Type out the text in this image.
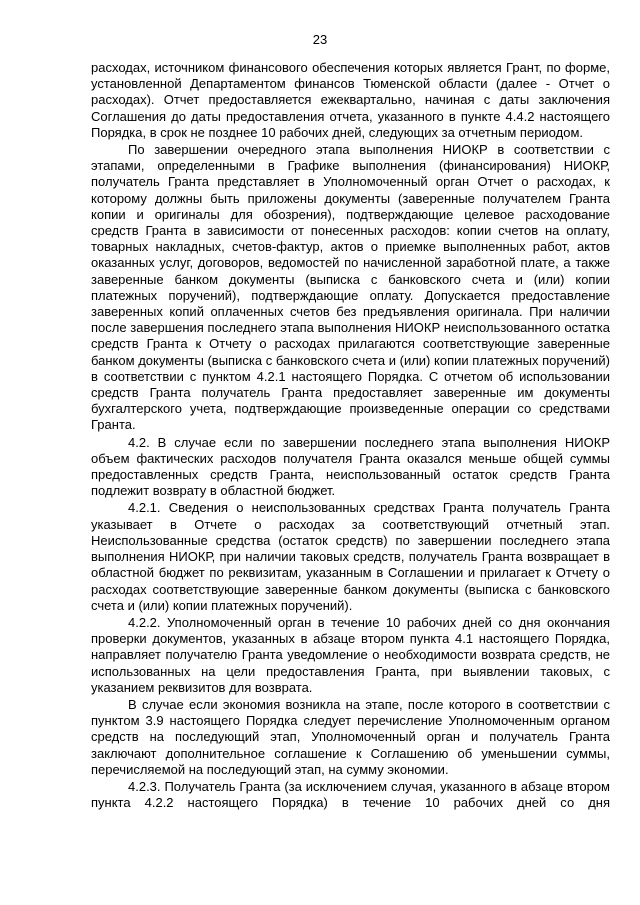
23

расходах, источником финансового обеспечения которых является Грант, по форме, установленной Департаментом финансов Тюменской области (далее - Отчет о расходах). Отчет предоставляется ежеквартально, начиная с даты заключения Соглашения до даты предоставления отчета, указанного в пункте 4.4.2 настоящего Порядка, в срок не позднее 10 рабочих дней, следующих за отчетным периодом.

По завершении очередного этапа выполнения НИОКР в соответствии с этапами, определенными в Графике выполнения (финансирования) НИОКР, получатель Гранта представляет в Уполномоченный орган Отчет о расходах, к которому должны быть приложены документы (заверенные получателем Гранта копии и оригиналы для обозрения), подтверждающие целевое расходование средств Гранта в зависимости от понесенных расходов: копии счетов на оплату, товарных накладных, счетов-фактур, актов о приемке выполненных работ, актов оказанных услуг, договоров, ведомостей по начисленной заработной плате, а также заверенные банком документы (выписка с банковского счета и (или) копии платежных поручений), подтверждающие оплату. Допускается предоставление заверенных копий оплаченных счетов без предъявления оригинала. При наличии после завершения последнего этапа выполнения НИОКР неиспользованного остатка средств Гранта к Отчету о расходах прилагаются соответствующие заверенные банком документы (выписка с банковского счета и (или) копии платежных поручений) в соответствии с пунктом 4.2.1 настоящего Порядка. С отчетом об использовании средств Гранта получатель Гранта предоставляет заверенные им документы бухгалтерского учета, подтверждающие произведенные операции со средствами Гранта.

4.2. В случае если по завершении последнего этапа выполнения НИОКР объем фактических расходов получателя Гранта оказался меньше общей суммы предоставленных средств Гранта, неиспользованный остаток средств Гранта подлежит возврату в областной бюджет.

4.2.1. Сведения о неиспользованных средствах Гранта получатель Гранта указывает в Отчете о расходах за соответствующий отчетный этап. Неиспользованные средства (остаток средств) по завершении последнего этапа выполнения НИОКР, при наличии таковых средств, получатель Гранта возвращает в областной бюджет по реквизитам, указанным в Соглашении и прилагает к Отчету о расходах соответствующие заверенные банком документы (выписка с банковского счета и (или) копии платежных поручений).

4.2.2. Уполномоченный орган в течение 10 рабочих дней со дня окончания проверки документов, указанных в абзаце втором пункта 4.1 настоящего Порядка, направляет получателю Гранта уведомление о необходимости возврата средств, не использованных на цели предоставления Гранта, при выявлении таковых, с указанием реквизитов для возврата.

В случае если экономия возникла на этапе, после которого в соответствии с пунктом 3.9 настоящего Порядка следует перечисление Уполномоченным органом средств на последующий этап, Уполномоченный орган и получатель Гранта заключают дополнительное соглашение к Соглашению об уменьшении суммы, перечисляемой на последующий этап, на сумму экономии.

4.2.3. Получатель Гранта (за исключением случая, указанного в абзаце втором пункта 4.2.2 настоящего Порядка) в течение 10 рабочих дней со дня
